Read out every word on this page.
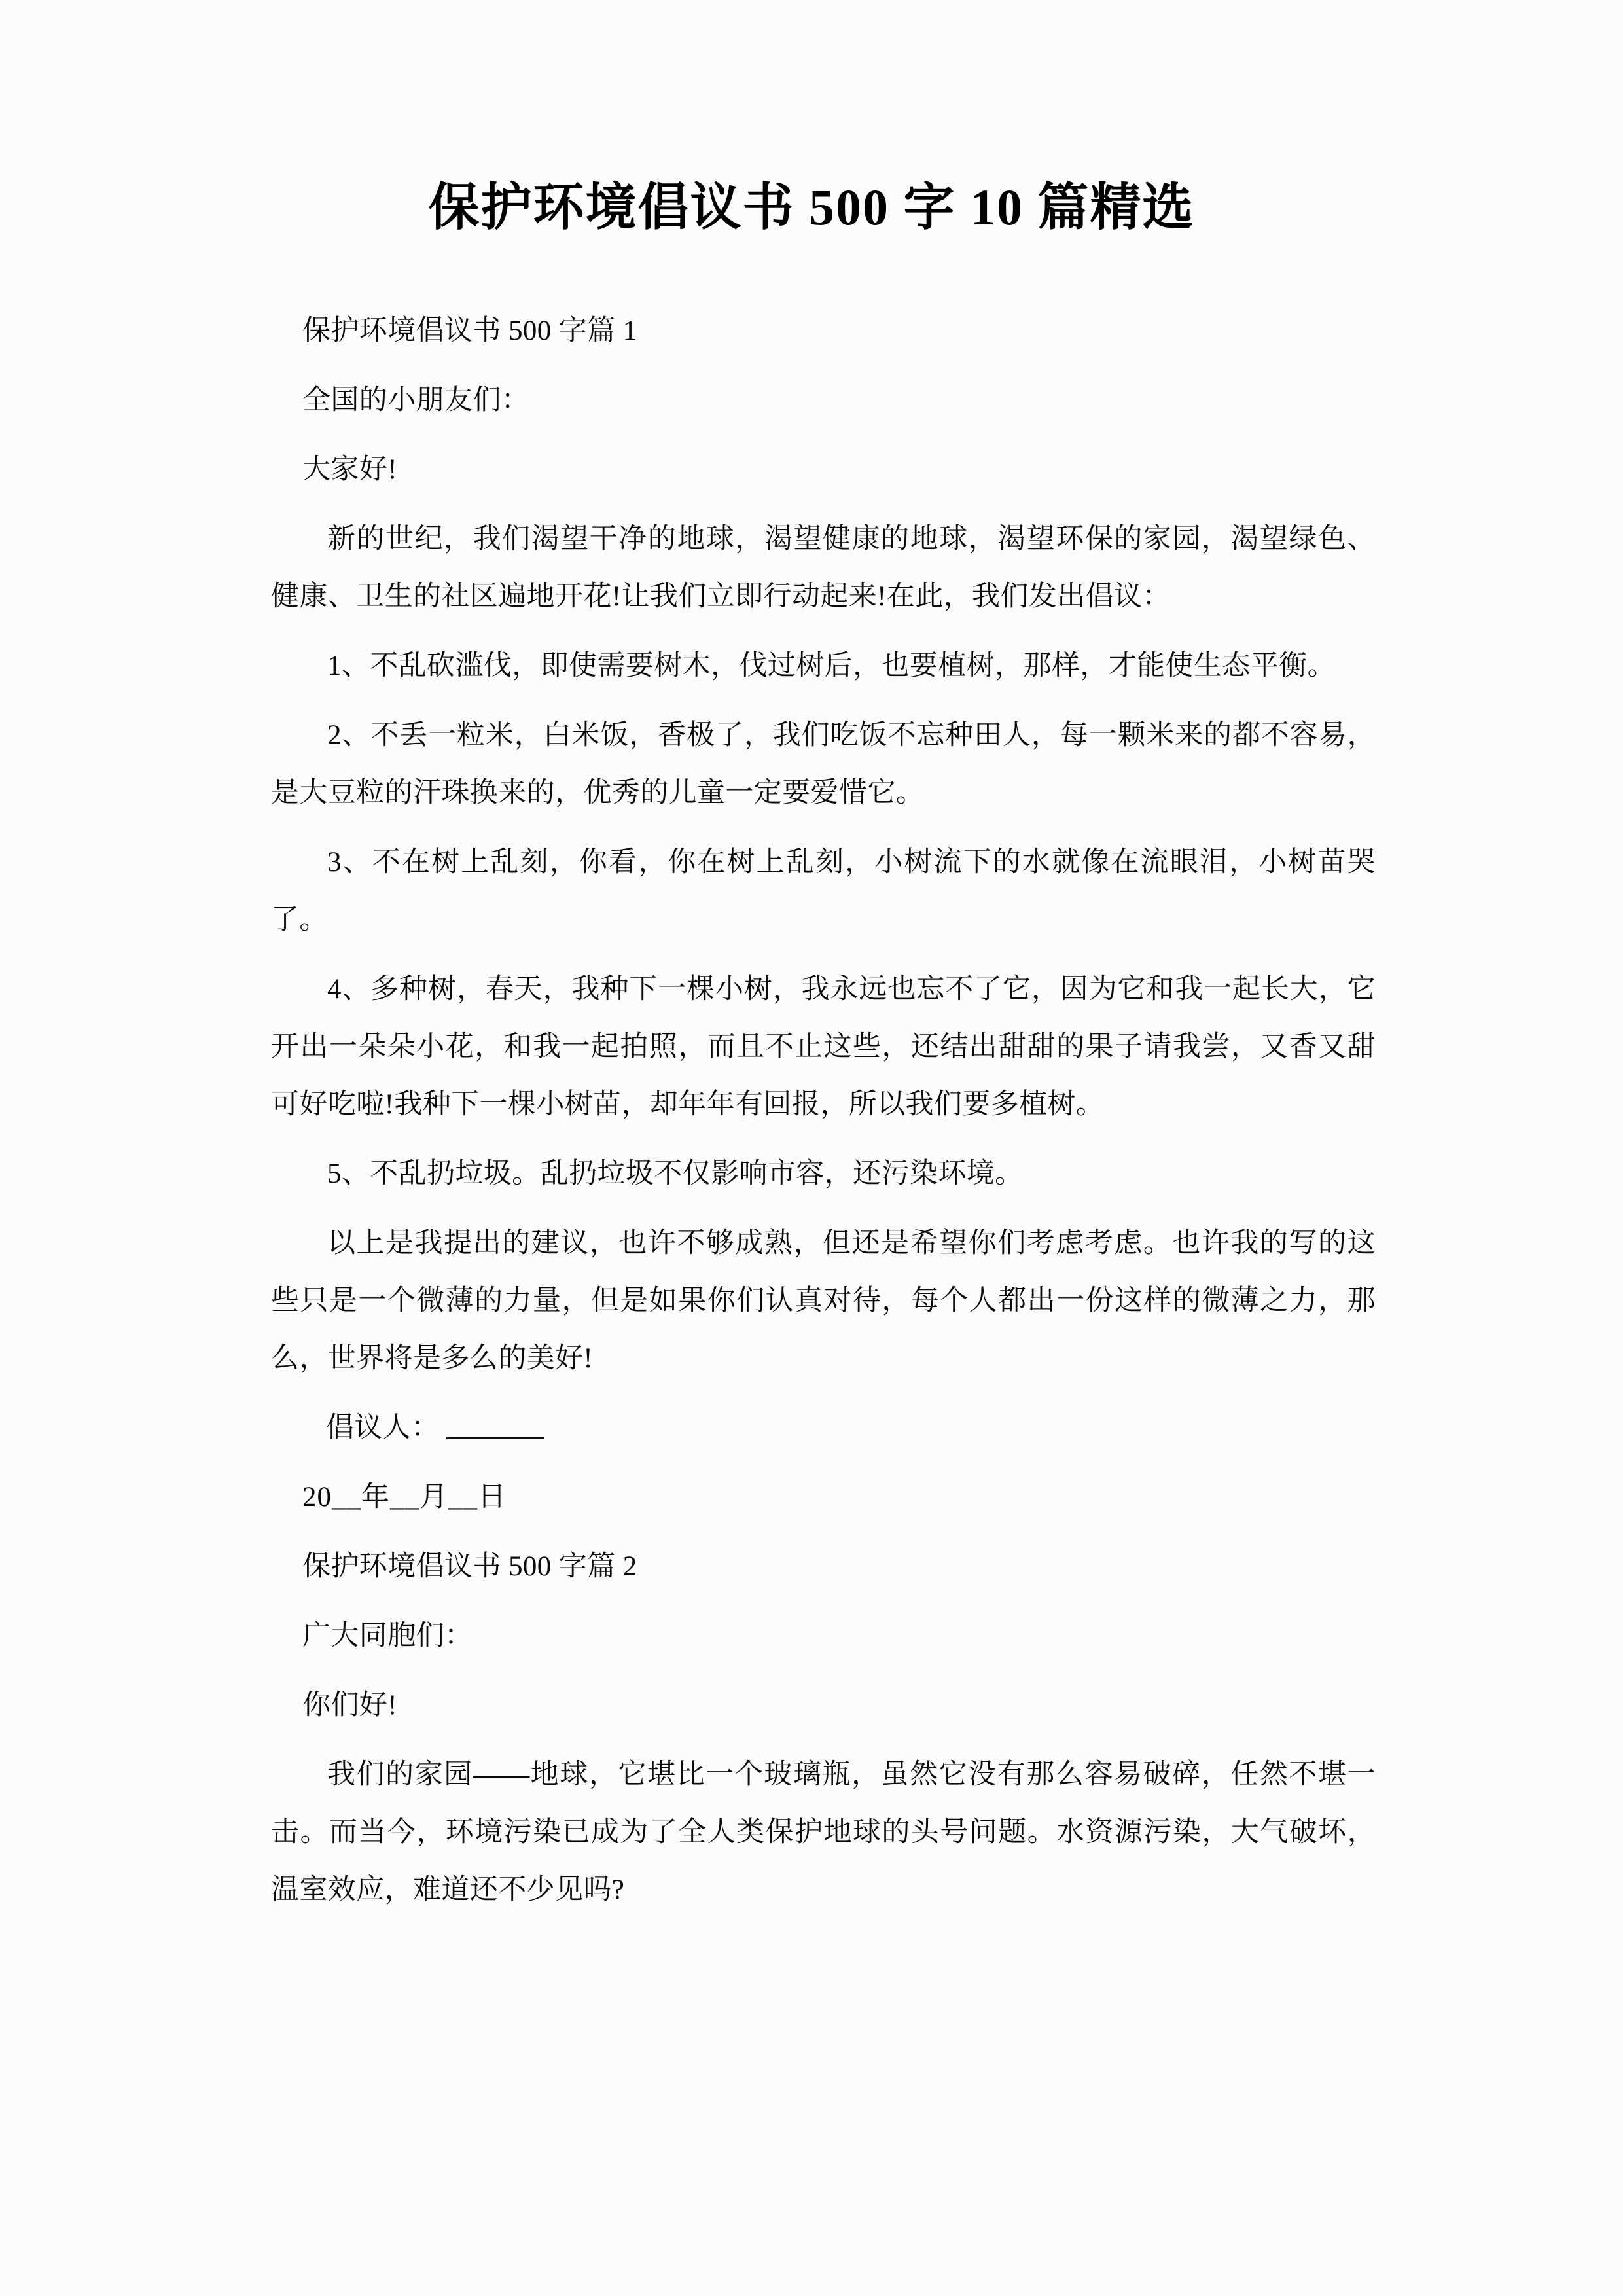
保护环境倡议书 500 字 10 篇精选

保护环境倡议书 500 字篇 1

全国的小朋友们：

大家好!

新的世纪，我们渴望干净的地球，渴望健康的地球，渴望环保的家园，渴望绿色、健康、卫生的社区遍地开花!让我们立即行动起来!在此，我们发出倡议：

1、不乱砍滥伐，即使需要树木，伐过树后，也要植树，那样，才能使生态平衡。

2、不丢一粒米，白米饭，香极了，我们吃饭不忘种田人，每一颗米来的都不容易，是大豆粒的汗珠换来的，优秀的儿童一定要爱惜它。

3、不在树上乱刻，你看，你在树上乱刻，小树流下的水就像在流眼泪，小树苗哭了。

4、多种树，春天，我种下一棵小树，我永远也忘不了它，因为它和我一起长大，它开出一朵朵小花，和我一起拍照，而且不止这些，还结出甜甜的果子请我尝，又香又甜可好吃啦!我种下一棵小树苗，却年年有回报，所以我们要多植树。

5、不乱扔垃圾。乱扔垃圾不仅影响市容，还污染环境。

以上是我提出的建议，也许不够成熟，但还是希望你们考虑考虑。也许我的写的这些只是一个微薄的力量，但是如果你们认真对待，每个人都出一份这样的微薄之力，那么，世界将是多么的美好!

倡议人：

20__年__月__日

保护环境倡议书 500 字篇 2

广大同胞们：

你们好!

我们的家园——地球，它堪比一个玻璃瓶，虽然它没有那么容易破碎，任然不堪一击。而当今，环境污染已成为了全人类保护地球的头号问题。水资源污染，大气破坏，温室效应，难道还不少见吗?
